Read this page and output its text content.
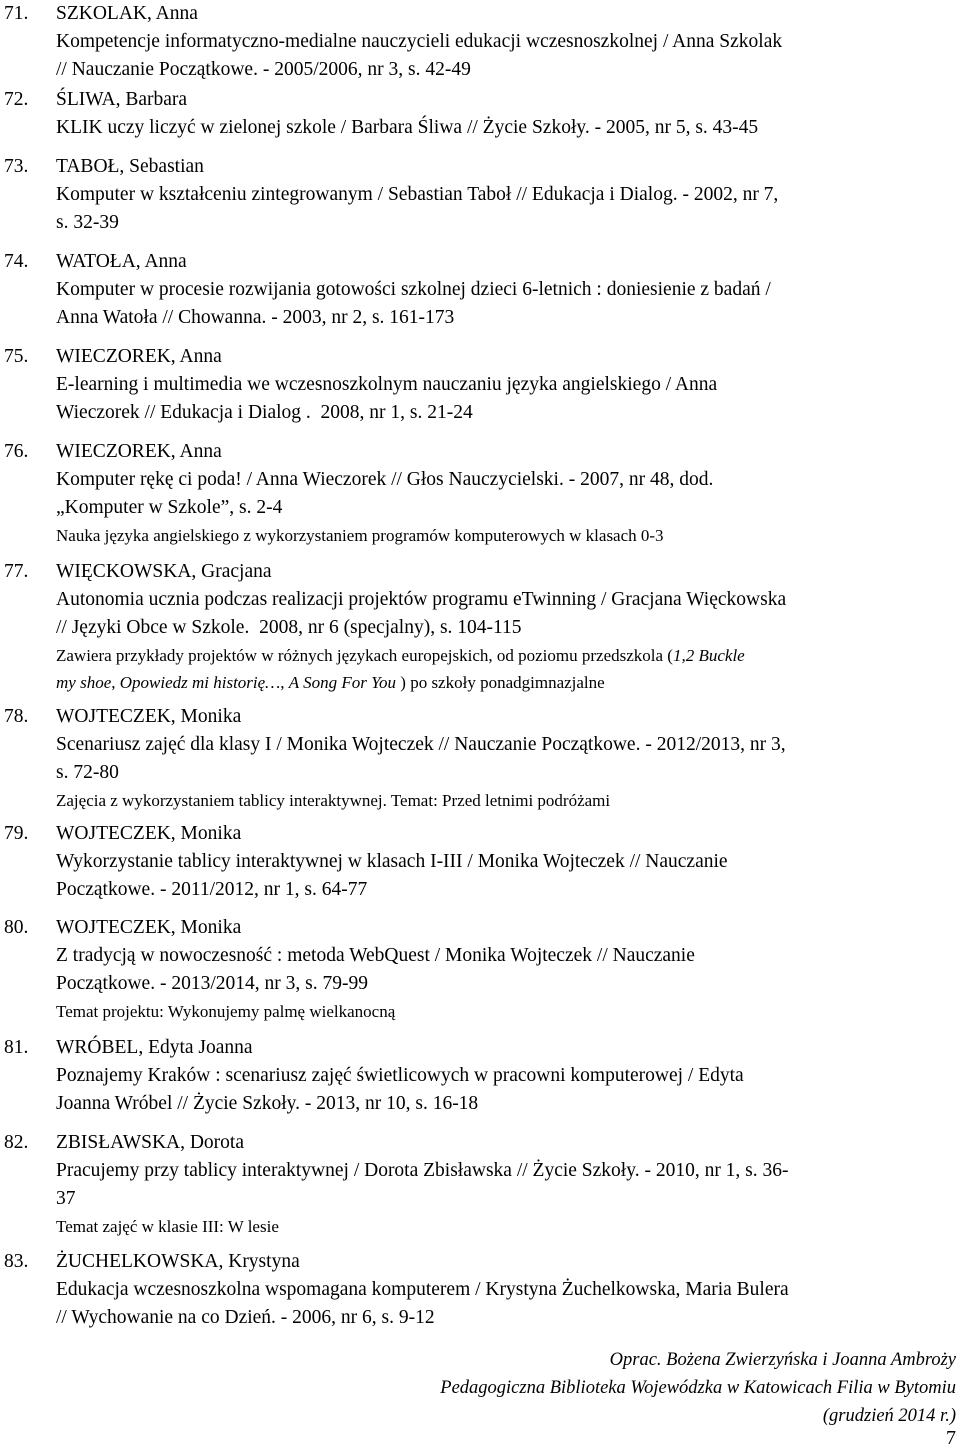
71.	SZKOLAK, Anna
Kompetencje informatyczno-medialne nauczycieli edukacji wczesnoszkolnej / Anna Szkolak
// Nauczanie Początkowe. - 2005/2006, nr 3, s. 42-49
72.	ŚLIWA, Barbara
KLIK uczy liczyć w zielonej szkole / Barbara Śliwa // Życie Szkoły. - 2005, nr 5, s. 43-45
73.	TABOŁ, Sebastian
Komputer w kształceniu zintegrowanym / Sebastian Taboł // Edukacja i Dialog. - 2002, nr 7,
s. 32-39
74.	WATOŁA, Anna
Komputer w procesie rozwijania gotowości szkolnej dzieci 6-letnich : doniesienie z badań /
Anna Watoła // Chowanna. - 2003, nr 2, s. 161-173
75.	WIECZOREK, Anna
E-learning i multimedia we wczesnoszkolnym nauczaniu języka angielskiego / Anna
Wieczorek // Edukacja i Dialog .  2008, nr 1, s. 21-24
76.	WIECZOREK, Anna
Komputer rękę ci poda! / Anna Wieczorek // Głos Nauczycielski. - 2007, nr 48, dod.
„Komputer w Szkole”, s. 2-4
Nauka języka angielskiego z wykorzystaniem programów komputerowych w klasach 0-3
77.	WIĘCKOWSKA, Gracjana
Autonomia ucznia podczas realizacji projektów programu eTwinning / Gracjana Więckowska
// Języki Obce w Szkole.  2008, nr 6 (specjalny), s. 104-115
Zawiera przykłady projektów w różnych językach europejskich, od poziomu przedszkola (1,2 Buckle
my shoe, Opowiedz mi historię…, A Song For You ) po szkoły ponadgimnazjalne
78.	WOJTECZEK, Monika
Scenariusz zajęć dla klasy I / Monika Wojteczek // Nauczanie Początkowe. - 2012/2013, nr 3,
s. 72-80
Zajęcia z wykorzystaniem tablicy interaktywnej. Temat: Przed letnimi podróżami
79.	WOJTECZEK, Monika
Wykorzystanie tablicy interaktywnej w klasach I-III / Monika Wojteczek // Nauczanie
Początkowe. - 2011/2012, nr 1, s. 64-77
80.	WOJTECZEK, Monika
Z tradycją w nowoczesność : metoda WebQuest / Monika Wojteczek // Nauczanie
Początkowe. - 2013/2014, nr 3, s. 79-99
Temat projektu: Wykonujemy palmę wielkanocną
81.	WRÓBEL, Edyta Joanna
Poznajemy Kraków : scenariusz zajęć świetlicowych w pracowni komputerowej / Edyta
Joanna Wróbel // Życie Szkoły. - 2013, nr 10, s. 16-18
82.	ZBISŁAWSKA, Dorota
Pracujemy przy tablicy interaktywnej / Dorota Zbisławska // Życie Szkoły. - 2010, nr 1, s. 36-
37
Temat zajęć w klasie III: W lesie
83.	ŻUCHELKOWSKA, Krystyna
Edukacja wczesnoszkolna wspomagana komputerem / Krystyna Żuchelkowska, Maria Bulera
// Wychowanie na co Dzień. - 2006, nr 6, s. 9-12
Oprac. Bożena Zwierzyńska i Joanna Ambroży
Pedagogiczna Biblioteka Wojewódzka w Katowicach Filia w Bytomiu
(grudzień 2014 r.)
7
